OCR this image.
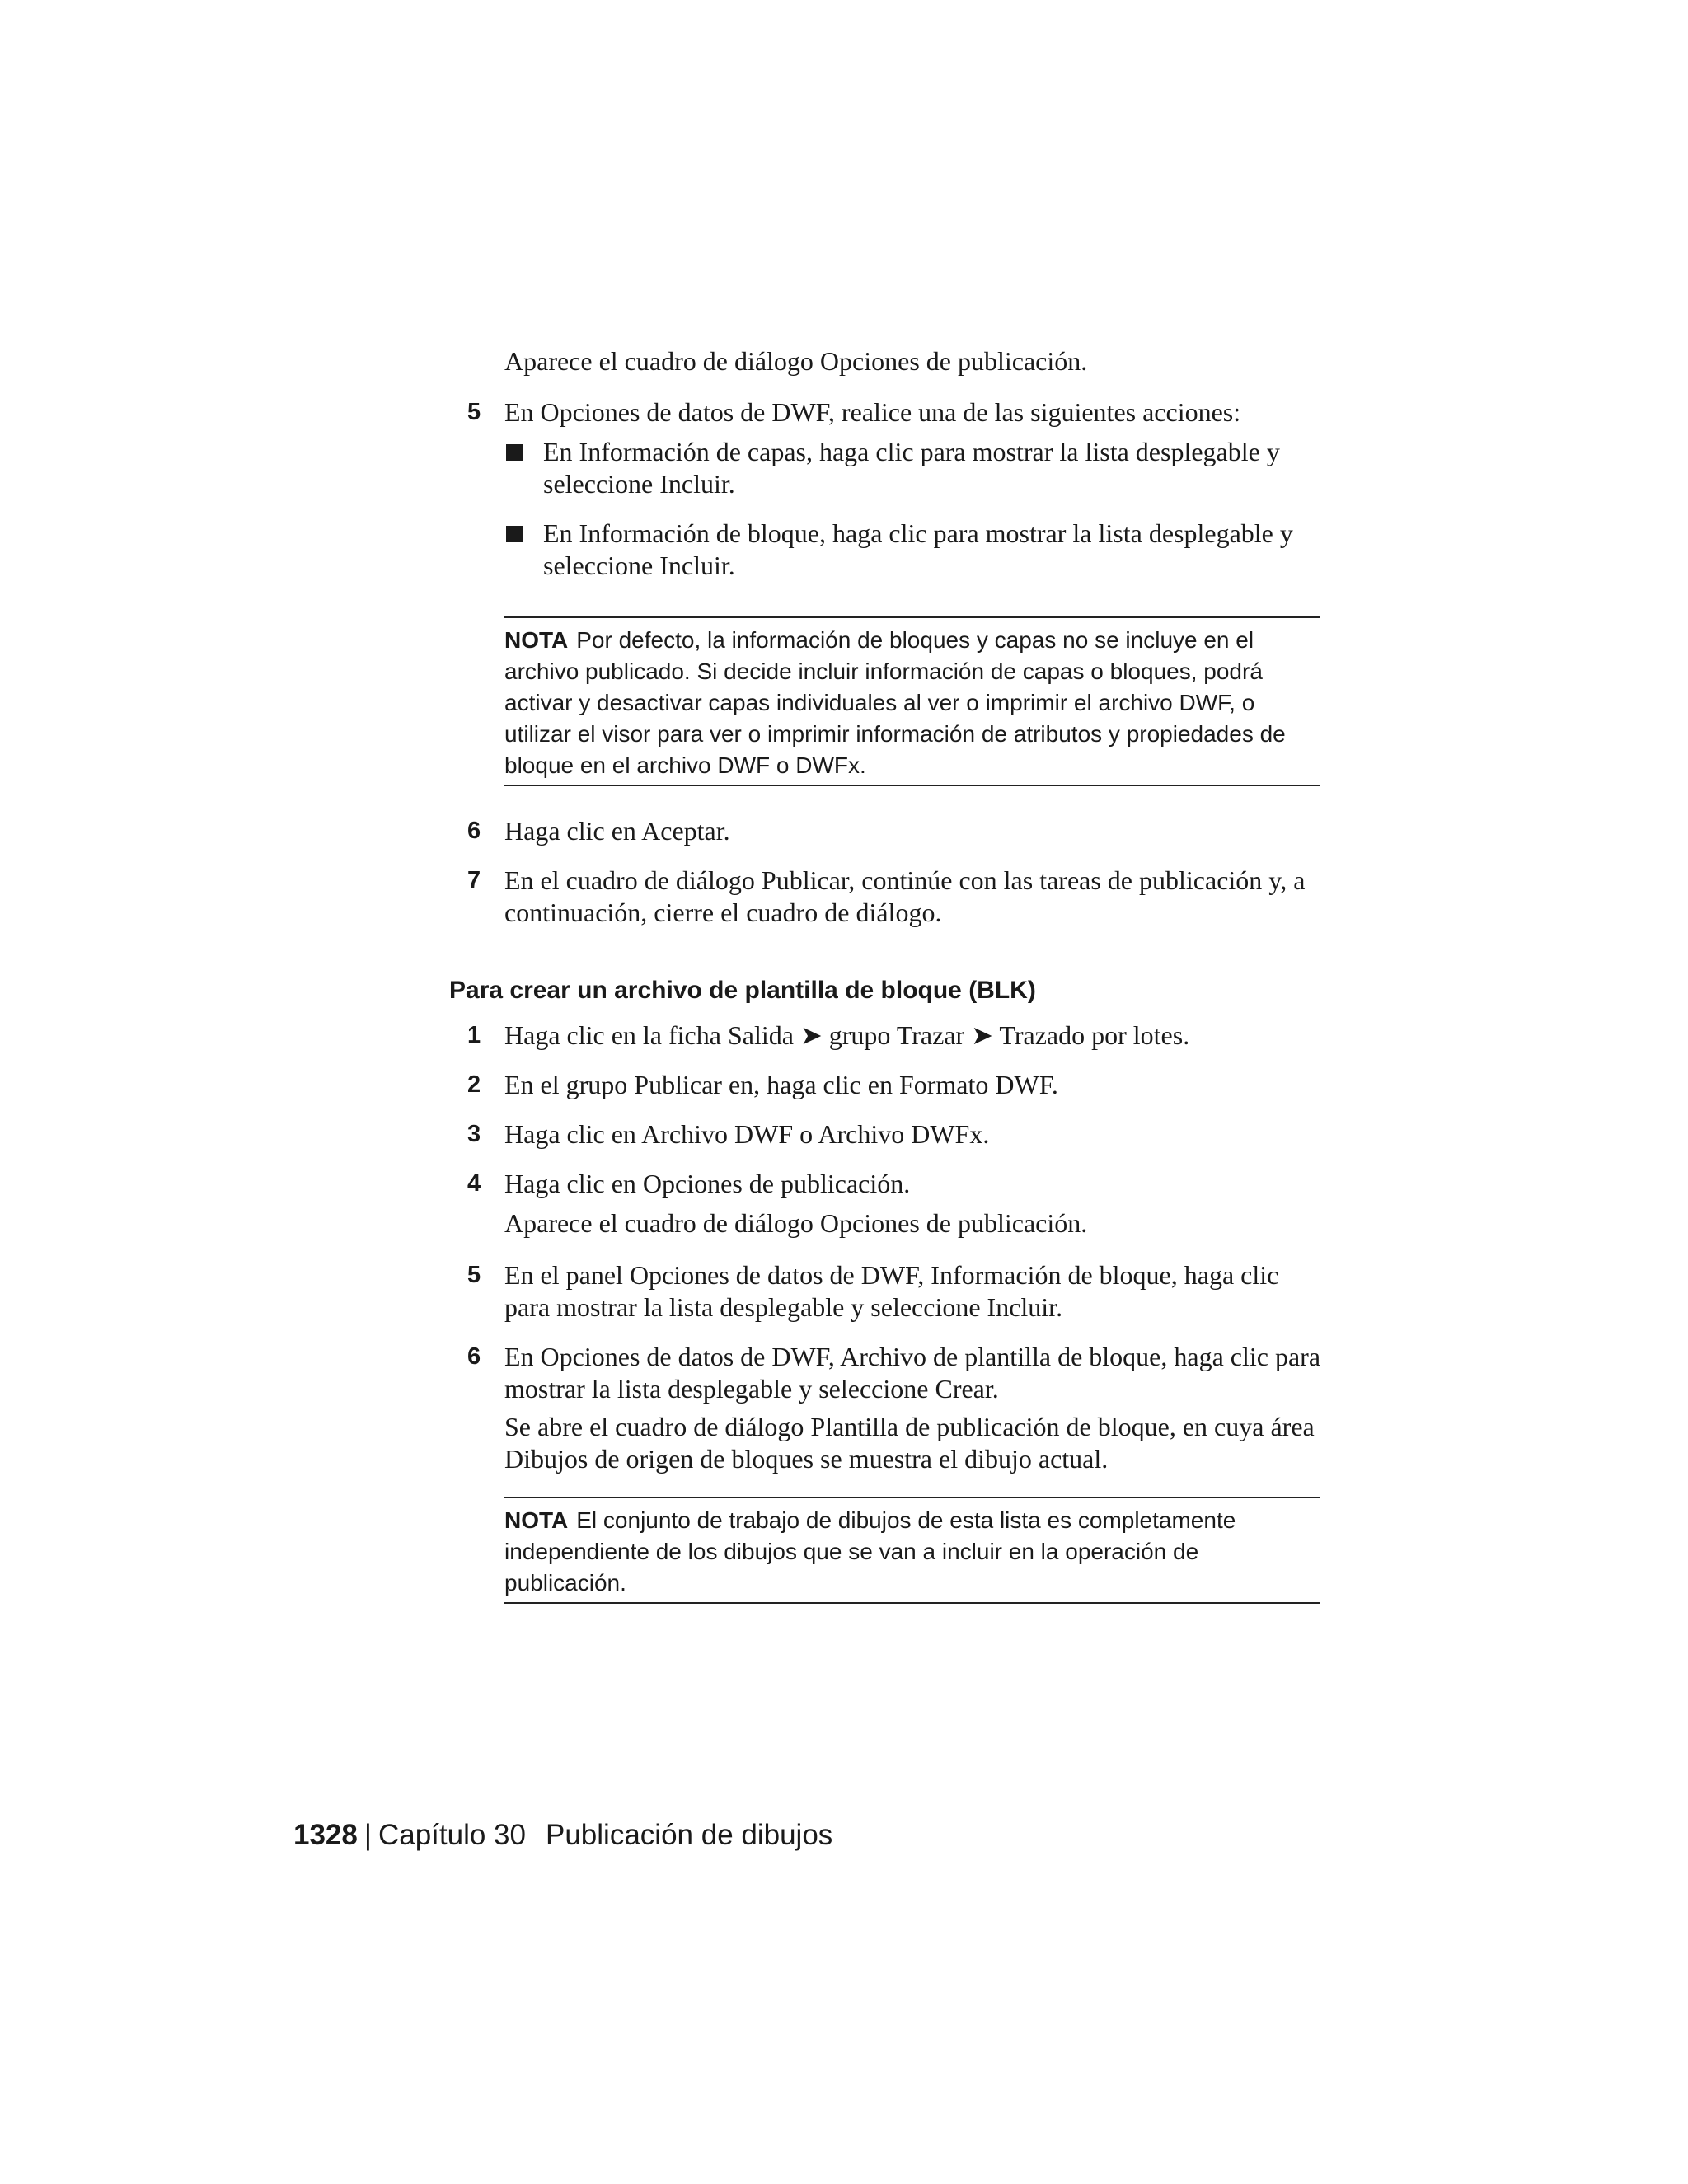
Aparece el cuadro de diálogo Opciones de publicación.

5 En Opciones de datos de DWF, realice una de las siguientes acciones:

En Información de capas, haga clic para mostrar la lista desplegable y seleccione Incluir.

En Información de bloque, haga clic para mostrar la lista desplegable y seleccione Incluir.

NOTA Por defecto, la información de bloques y capas no se incluye en el archivo publicado. Si decide incluir información de capas o bloques, podrá activar y desactivar capas individuales al ver o imprimir el archivo DWF, o utilizar el visor para ver o imprimir información de atributos y propiedades de bloque en el archivo DWF o DWFx.

6 Haga clic en Aceptar.

7 En el cuadro de diálogo Publicar, continúe con las tareas de publicación y, a continuación, cierre el cuadro de diálogo.

Para crear un archivo de plantilla de bloque (BLK)
1 Haga clic en la ficha Salida ➤ grupo Trazar ➤ Trazado por lotes.

2 En el grupo Publicar en, haga clic en Formato DWF.

3 Haga clic en Archivo DWF o Archivo DWFx.

4 Haga clic en Opciones de publicación.

Aparece el cuadro de diálogo Opciones de publicación.

5 En el panel Opciones de datos de DWF, Información de bloque, haga clic para mostrar la lista desplegable y seleccione Incluir.

6 En Opciones de datos de DWF, Archivo de plantilla de bloque, haga clic para mostrar la lista desplegable y seleccione Crear.

Se abre el cuadro de diálogo Plantilla de publicación de bloque, en cuya área Dibujos de origen de bloques se muestra el dibujo actual.

NOTA El conjunto de trabajo de dibujos de esta lista es completamente independiente de los dibujos que se van a incluir en la operación de publicación.

1328 | Capítulo 30 Publicación de dibujos
